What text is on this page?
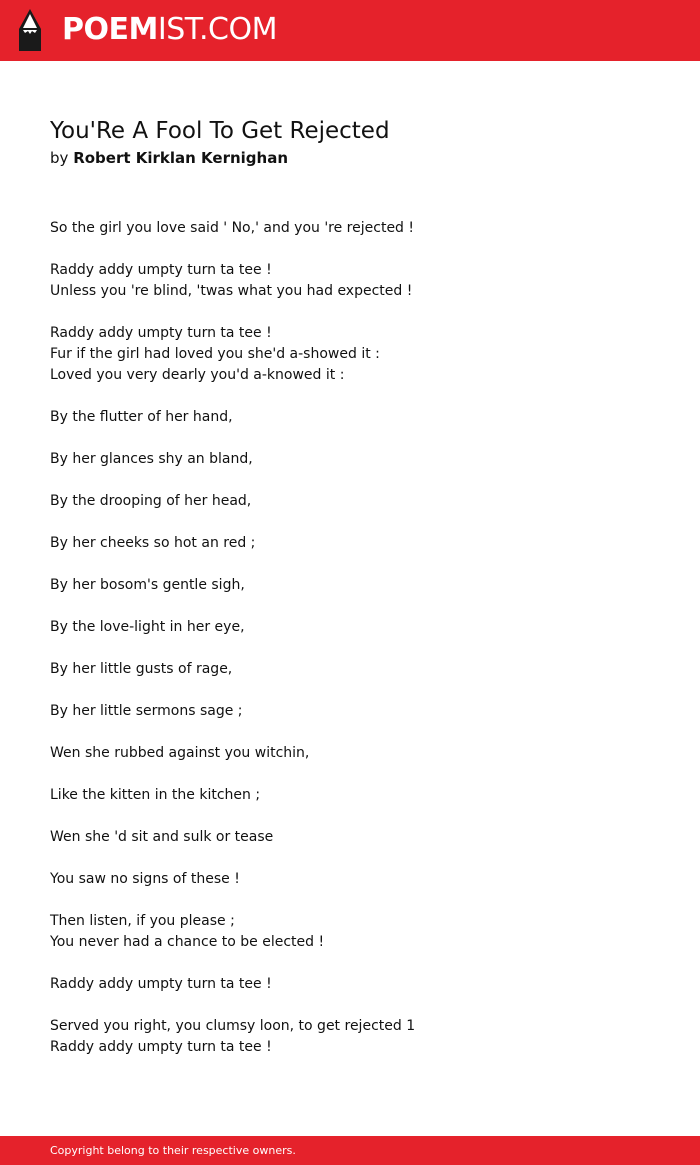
POEMIST.COM
You'Re A Fool To Get Rejected
by Robert Kirklan Kernighan
So the girl you love said ' No,' and you 're rejected !
Raddy addy umpty turn ta tee !
Unless you 're blind, 'twas what you had expected !
Raddy addy umpty turn ta tee !
Fur if the girl had loved you she'd a-showed it :
Loved you very dearly you'd a-knowed it :
By the flutter of her hand,
By her glances shy an bland,
By the drooping of her head,
By her cheeks so hot an red ;
By her bosom's gentle sigh,
By the love-light in her eye,
By her little gusts of rage,
By her little sermons sage ;
Wen she rubbed against you witchin,
Like the kitten in the kitchen ;
Wen she 'd sit and sulk or tease
You saw no signs of these !
Then listen, if you please ;
You never had a chance to be elected !
Raddy addy umpty turn ta tee !
Served you right, you clumsy loon, to get rejected 1
Raddy addy umpty turn ta tee !
Copyright belong to their respective owners.
